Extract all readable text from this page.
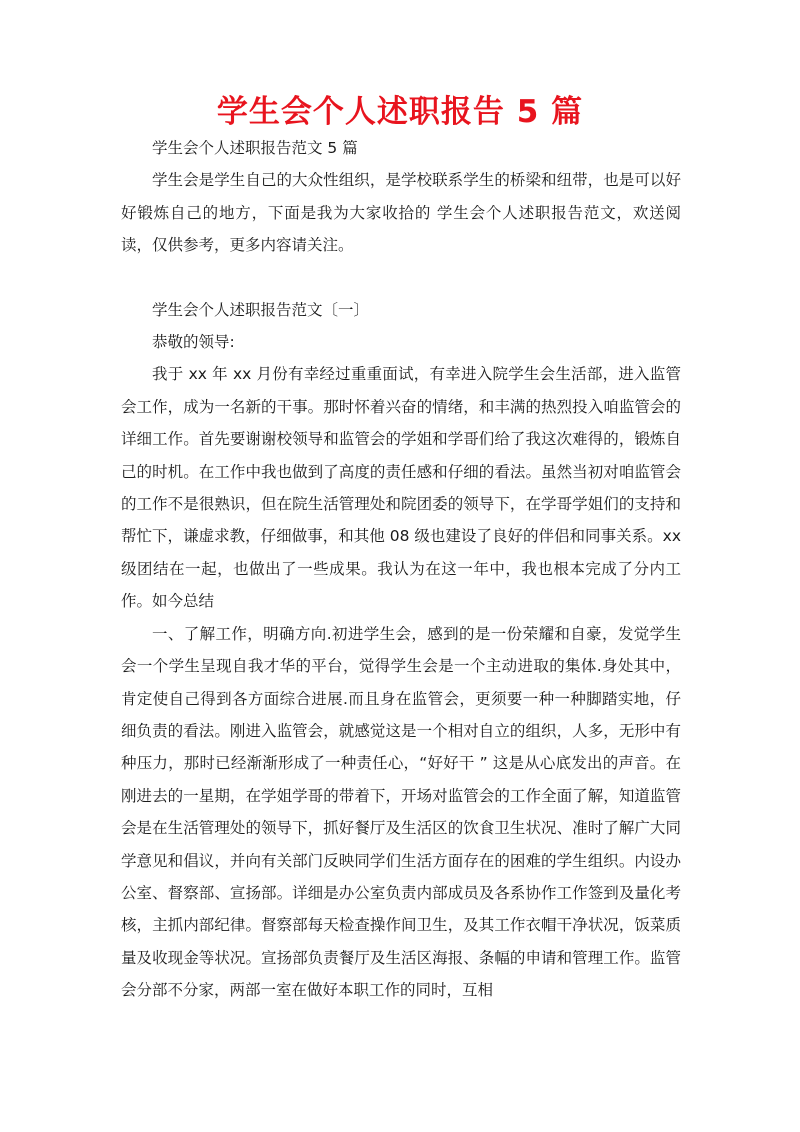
学生会个人述职报告 5 篇

学生会个人述职报告范文 5 篇

学生会是学生自己的大众性组织，是学校联系学生的桥梁和纽带，也是可以好好锻炼自己的地方，下面是我为大家收拾的 学生会个人述职报告范文，欢送阅读，仅供参考，更多内容请关注。

学生会个人述职报告范文〔一〕

恭敬的领导:

我于 xx 年 xx 月份有幸经过重重面试，有幸进入院学生会生活部，进入监管会工作，成为一名新的干事。那时怀着兴奋的情绪，和丰满的热烈投入咱监管会的详细工作。首先要谢谢校领导和监管会的学姐和学哥们给了我这次难得的，锻炼自己的时机。在工作中我也做到了高度的责任感和仔细的看法。虽然当初对咱监管会的工作不是很熟识，但在院生活管理处和院团委的领导下，在学哥学姐们的支持和帮忙下，谦虚求教，仔细做事，和其他 08 级也建设了良好的伴侣和同事关系。xx 级团结在一起，也做出了一些成果。我认为在这一年中，我也根本完成了分内工作。如今总结

一、了解工作，明确方向.初进学生会，感到的是一份荣耀和自豪，发觉学生会一个学生呈现自我才华的平台，觉得学生会是一个主动进取的集体.身处其中，肯定使自己得到各方面综合进展.而且身在监管会，更须要一种一种脚踏实地，仔细负责的看法。刚进入监管会，就感觉这是一个相对自立的组织，人多，无形中有种压力，那时已经渐渐形成了一种责任心，“好好干 ” 这是从心底发出的声音。在刚进去的一星期，在学姐学哥的带着下，开场对监管会的工作全面了解，知道监管会是在生活管理处的领导下，抓好餐厅及生活区的饮食卫生状况、准时了解广大同学意见和倡议，并向有关部门反映同学们生活方面存在的困难的学生组织。内设办公室、督察部、宣扬部。详细是办公室负责内部成员及各系协作工作签到及量化考核，主抓内部纪律。督察部每天检查操作间卫生，及其工作衣帽干净状况，饭菜质量及收现金等状况。宣扬部负责餐厅及生活区海报、条幅的申请和管理工作。监管会分部不分家，两部一室在做好本职工作的同时，互相
